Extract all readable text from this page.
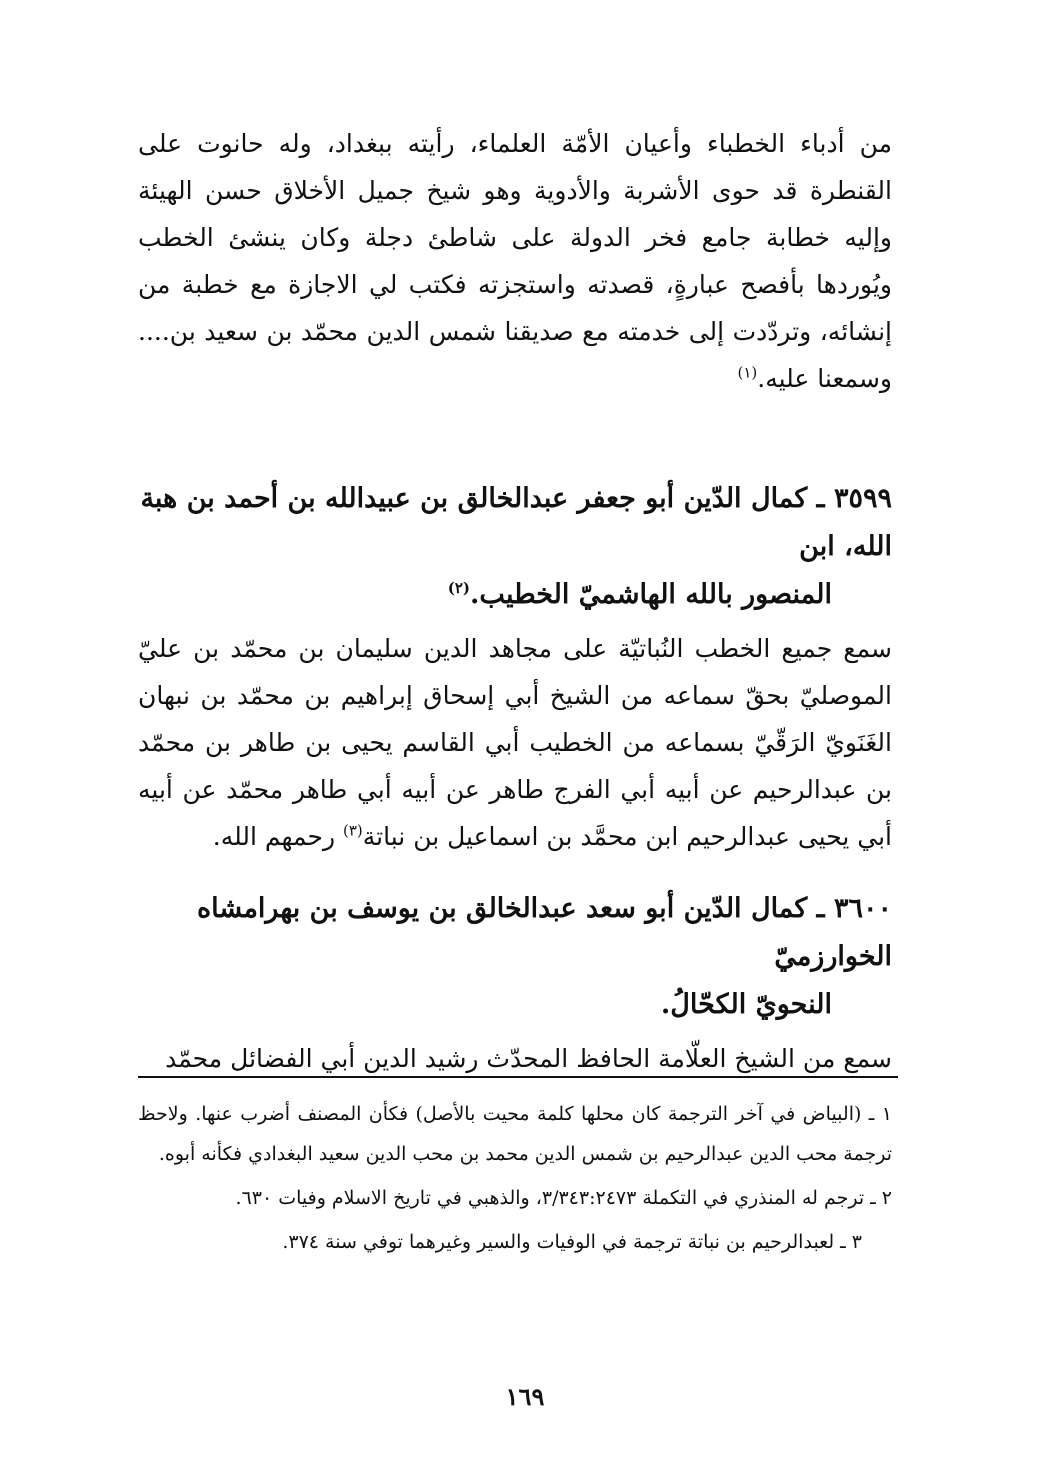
من أدباء الخطباء وأعيان الأمّة العلماء، رأيته ببغداد، وله حانوت على القنطرة قد حوى الأشربة والأدوية وهو شيخ جميل الأخلاق حسن الهيئة وإليه خطابة جامع فخر الدولة على شاطئ دجلة وكان ينشئ الخطب ويُوردها بأفصح عبارةٍ، قصدته واستجزته فكتب لي الاجازة مع خطبة من إنشائه، وتردّدت إلى خدمته مع صديقنا شمس الدين محمّد بن سعيد بن.... وسمعنا عليه.$^{(١)}$

٣٥٩٩ ـ كمال الدّين أبو جعفر عبدالخالق بن عبيدالله بن أحمد بن هبة الله، ابن
المنصور بالله الهاشميّ الخطيب.$^{(٢)}$

سمع جميع الخطب النُباتيّة على مجاهد الدين سليمان بن محمّد بن عليّ الموصليّ بحقّ سماعه من الشيخ أبي إسحاق إبراهيم بن محمّد بن نبهان الغَنَويّ الرَقّيّ بسماعه من الخطيب أبي القاسم يحيى بن طاهر بن محمّد بن عبدالرحيم عن أبيه أبي الفرج طاهر عن أبيه أبي طاهر محمّد عن أبيه أبي يحيى عبدالرحيم ابن محمَّد بن اسماعيل بن نباتة$^{(٣)}$ رحمهم الله.

٣٦٠٠ ـ كمال الدّين أبو سعد عبدالخالق بن يوسف بن بهرامشاه الخوارزميّ
النحويّ الكحّالُ.

سمع من الشيخ العلّامة الحافظ المحدّث رشيد الدين أبي الفضائل محمّد

١ ـ (البياض في آخر الترجمة كان محلها كلمة محيت بالأصل) فكأن المصنف أضرب عنها. ولاحظ ترجمة محب الدين عبدالرحيم بن شمس الدين محمد بن محب الدين سعيد البغدادي فكأنه أبوه.

٢ ـ ترجم له المنذري في التكملة ٣/٣٤٣:٢٤٧٣، والذهبي في تاريخ الاسلام وفيات ٦٣٠.

٣ ـ لعبدالرحيم بن نباتة ترجمة في الوفيات والسير وغيرهما توفي سنة ٣٧٤.

١٦٩
